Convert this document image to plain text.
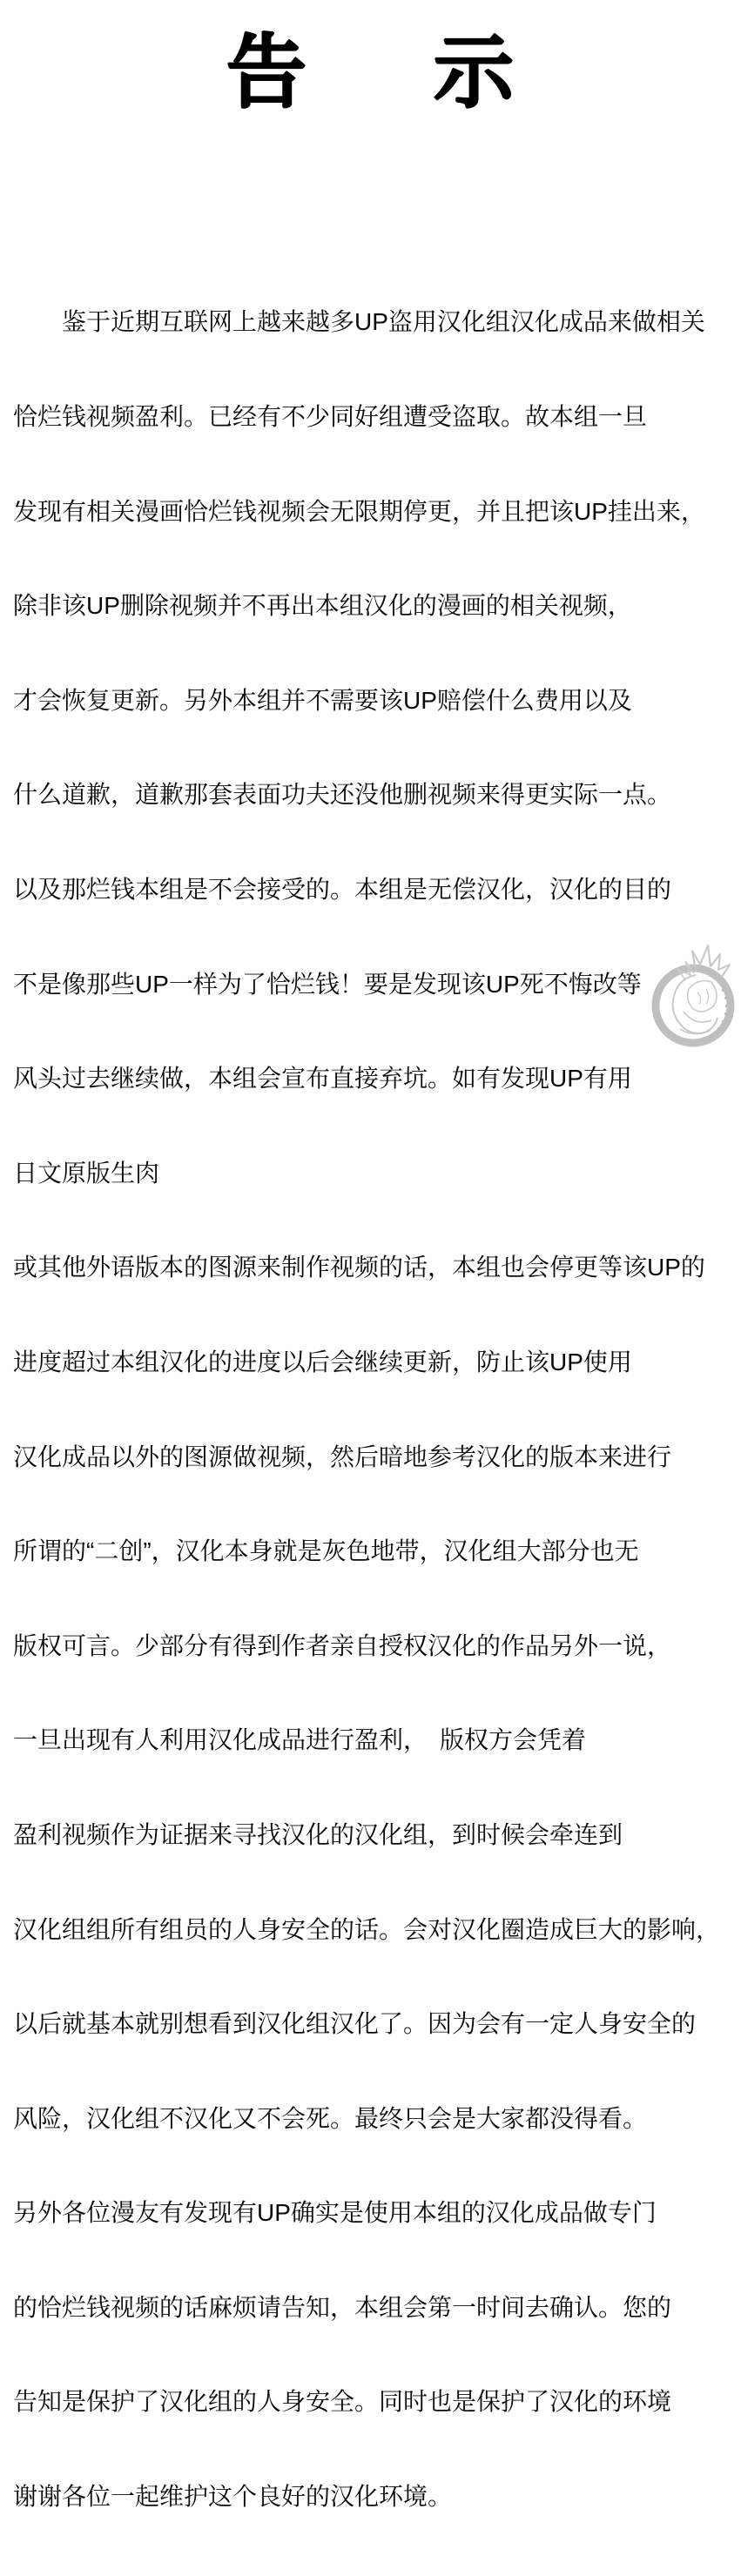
告 示

　　鉴于近期互联网上越来越多UP盗用汉化组汉化成品来做相关

恰烂钱视频盈利。已经有不少同好组遭受盗取。故本组一旦

发现有相关漫画恰烂钱视频会无限期停更，并且把该UP挂出来，

除非该UP删除视频并不再出本组汉化的漫画的相关视频，

才会恢复更新。另外本组并不需要该UP赔偿什么费用以及

什么道歉，道歉那套表面功夫还没他删视频来得更实际一点。

以及那烂钱本组是不会接受的。本组是无偿汉化，汉化的目的

不是像那些UP一样为了恰烂钱！要是发现该UP死不悔改等

风头过去继续做，本组会宣布直接弃坑。如有发现UP有用

日文原版生肉

或其他外语版本的图源来制作视频的话，本组也会停更等该UP的

进度超过本组汉化的进度以后会继续更新，防止该UP使用

汉化成品以外的图源做视频，然后暗地参考汉化的版本来进行

所谓的“二创”，汉化本身就是灰色地带，汉化组大部分也无

版权可言。少部分有得到作者亲自授权汉化的作品另外一说，

一旦出现有人利用汉化成品进行盈利，　版权方会凭着

盈利视频作为证据来寻找汉化的汉化组，到时候会牵连到

汉化组组所有组员的人身安全的话。会对汉化圈造成巨大的影响，

以后就基本就别想看到汉化组汉化了。因为会有一定人身安全的

风险，汉化组不汉化又不会死。最终只会是大家都没得看。

另外各位漫友有发现有UP确实是使用本组的汉化成品做专门

的恰烂钱视频的话麻烦请告知，本组会第一时间去确认。您的

告知是保护了汉化组的人身安全。同时也是保护了汉化的环境

谢谢各位一起维护这个良好的汉化环境。
